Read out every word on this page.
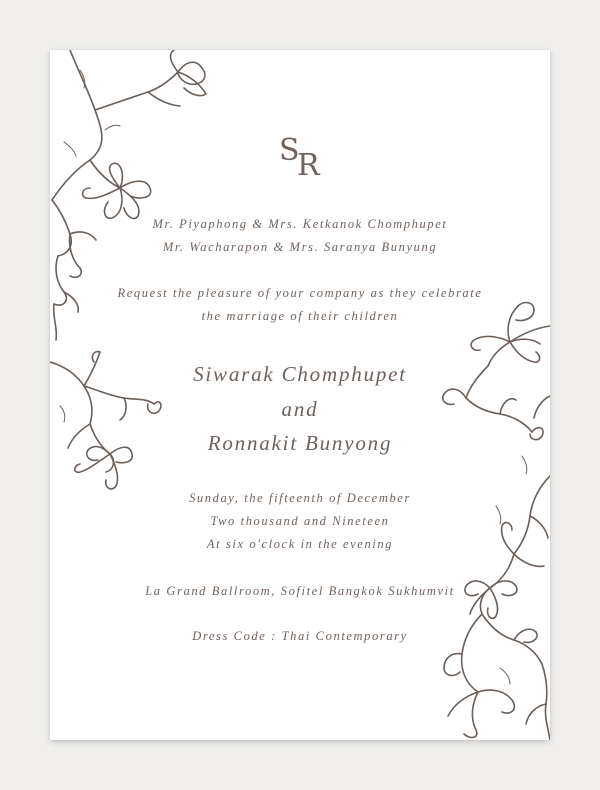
S
R
Mr. Piyaphong & Mrs. Ketkanok Chomphupet
Mr. Wacharapon & Mrs. Saranya Bunyung
Request the pleasure of your company as they celebrate
the marriage of their children
Siwarak Chomphupet
and
Ronnakit Bunyong
Sunday, the fifteenth of December
Two thousand and Nineteen
At six o'clock in the evening
La Grand Ballroom, Sofitel Bangkok Sukhumvit
Dress Code : Thai Contemporary
